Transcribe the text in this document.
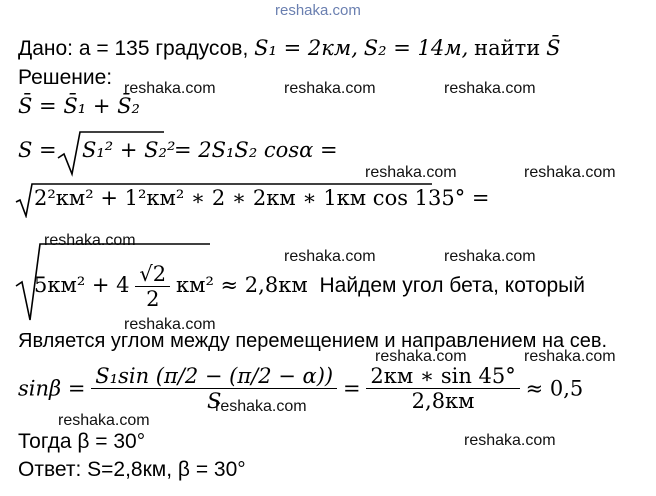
reshaka.com
reshaka.com	reshaka.com	reshaka.com
reshaka.com	reshaka.com
reshaka.com
reshaka.com	reshaka.com
reshaka.com
reshaka.com	reshaka.com
reshaka.com
reshaka.com
reshaka.com
Дано: a = 135 градусов, S₁ = 2км, S₂ = 14м, найти S̄
Решение:
S̄ = S̄₁ + S̄₂
S = S₁² + S₂²
= 2S₁S₂ cosα =
2²км² + 1²км² ∗ 2 ∗ 2км ∗ 1км cos 135° =
$5км^2 + 4 \frac{√2}{2} км^2 \approx 2,8км$ Найдем угол бета, который
Является углом между перемещением и направлением на сев.
$\sin\beta = \frac{\text{S₁sin (π/2 − (π/2 − α))}}{S} = \frac{2км ∗ \sin 45^\circ}{2,8км} \approx 0,5$
Тогда β = 30°
Ответ: S=2,8км, β = 30°
